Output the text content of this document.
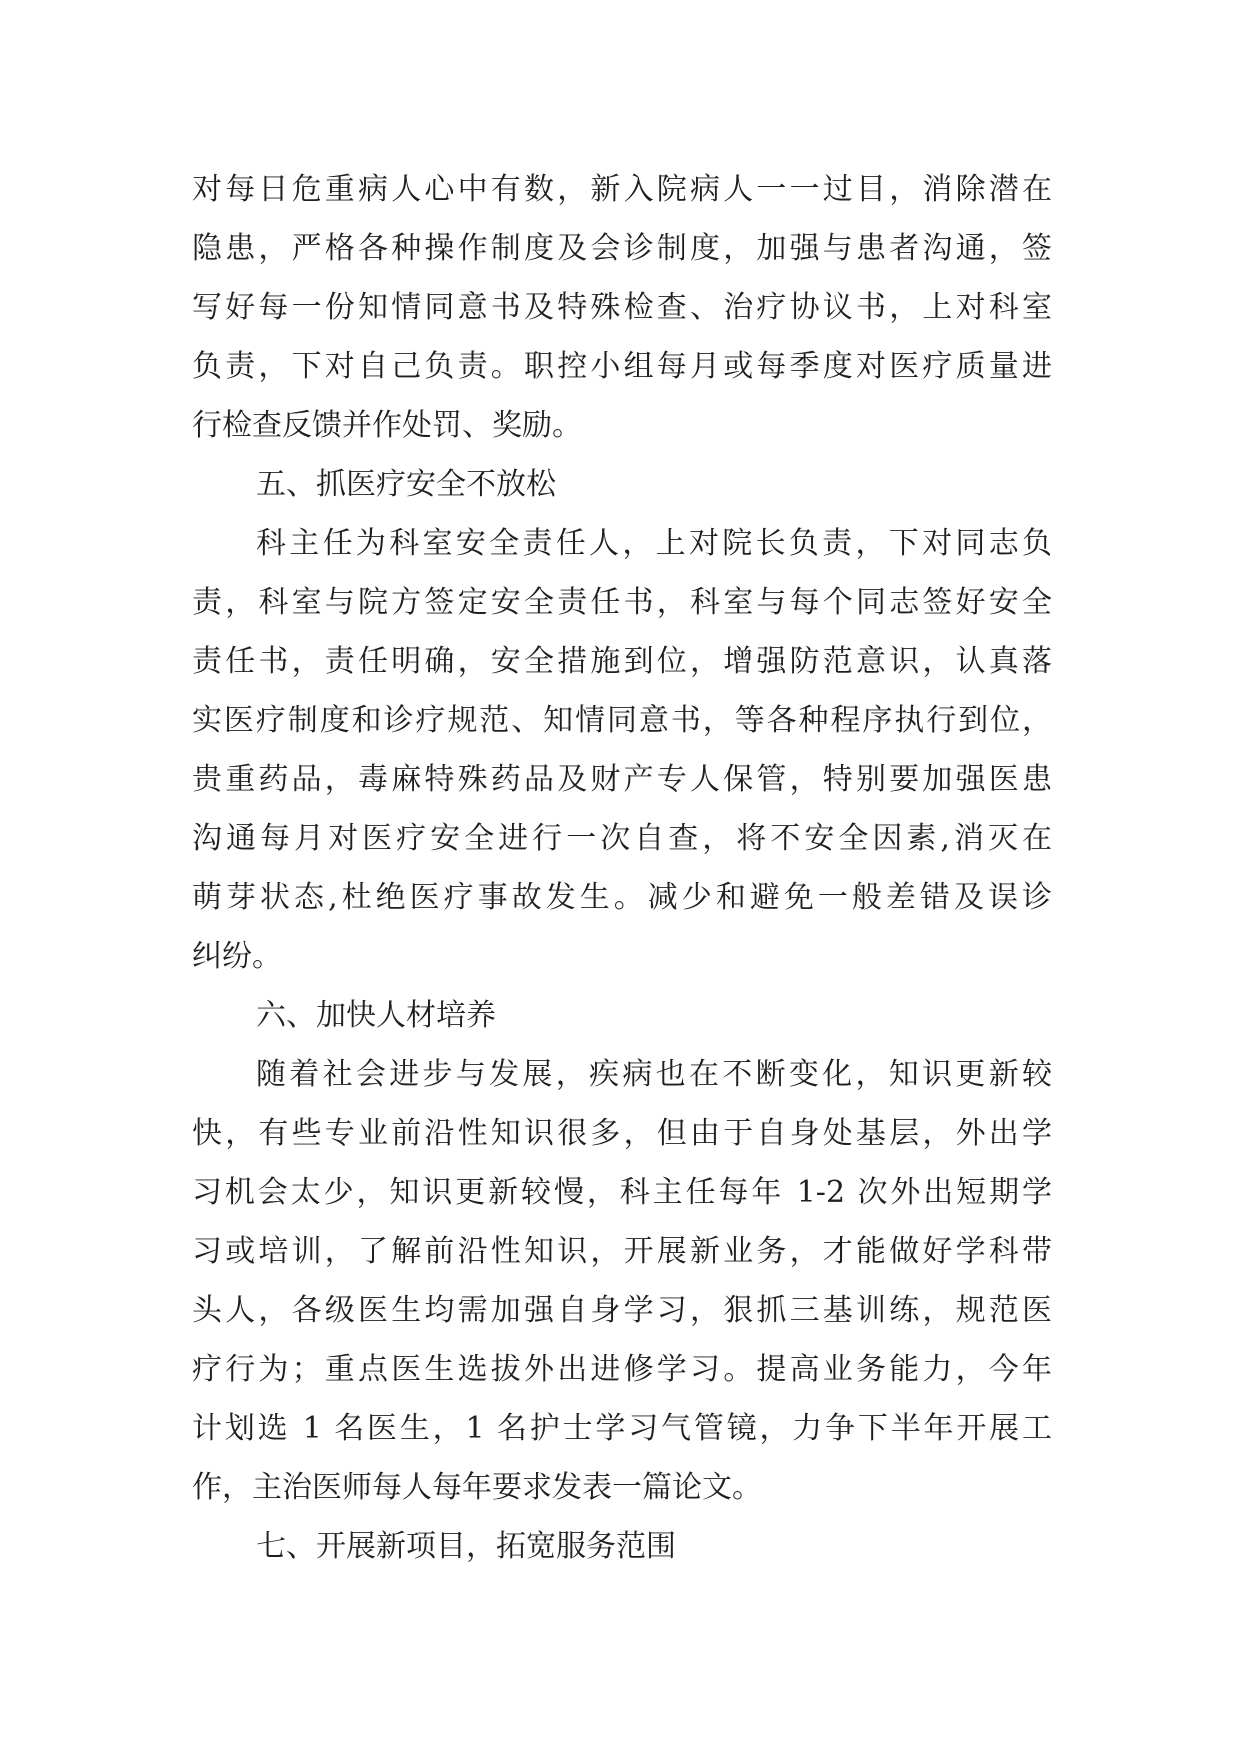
对每日危重病人心中有数，新入院病人一一过目，消除潜在
隐患，严格各种操作制度及会诊制度，加强与患者沟通，签
写好每一份知情同意书及特殊检查、治疗协议书，上对科室
负责，下对自己负责。职控小组每月或每季度对医疗质量进
行检查反馈并作处罚、奖励。
五、抓医疗安全不放松
科主任为科室安全责任人，上对院长负责，下对同志负
责，科室与院方签定安全责任书，科室与每个同志签好安全
责任书，责任明确，安全措施到位，增强防范意识，认真落
实医疗制度和诊疗规范、知情同意书，等各种程序执行到位，
贵重药品，毒麻特殊药品及财产专人保管，特别要加强医患
沟通每月对医疗安全进行一次自查，将不安全因素,消灭在
萌芽状态,杜绝医疗事故发生。减少和避免一般差错及误诊
纠纷。
六、加快人材培养
随着社会进步与发展，疾病也在不断变化，知识更新较
快，有些专业前沿性知识很多，但由于自身处基层，外出学
习机会太少，知识更新较慢，科主任每年 1-2 次外出短期学
习或培训，了解前沿性知识，开展新业务，才能做好学科带
头人，各级医生均需加强自身学习，狠抓三基训练，规范医
疗行为；重点医生选拔外出进修学习。提高业务能力，今年
计划选 1 名医生，1 名护士学习气管镜，力争下半年开展工
作，主治医师每人每年要求发表一篇论文。
七、开展新项目，拓宽服务范围
